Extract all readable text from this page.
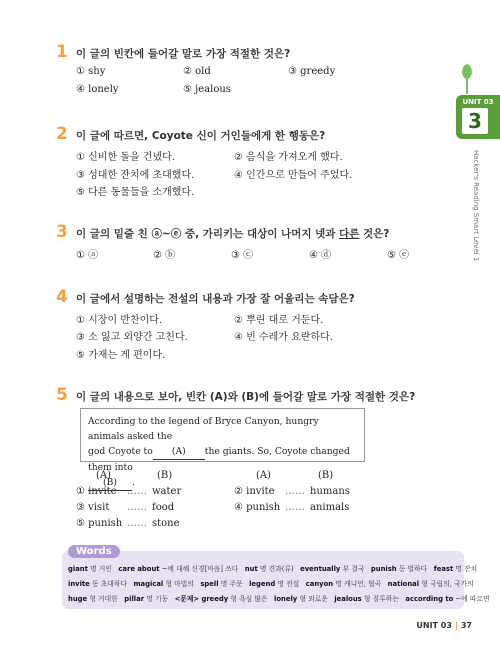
UNIT 03
3
Hacker's Reading Smart Level 1
1 이 글의 빈칸에 들어갈 말로 가장 적절한 것은?
① shy	② old	③ greedy
④ lonely	⑤ jealous
2 이 글에 따르면, Coyote 신이 거인들에게 한 행동은?
① 신비한 돌을 건넸다.	② 음식을 가져오게 했다.
③ 성대한 잔치에 초대했다.	④ 인간으로 만들어 주었다.
⑤ 다른 동물들을 소개했다.
3 이 글의 밑줄 친 ⓐ~ⓔ 중, 가리키는 대상이 나머지 넷과 다른 것은?
① ⓐ	② ⓑ	③ ⓒ	④ ⓓ	⑤ ⓔ
4 이 글에서 설명하는 전설의 내용과 가장 잘 어울리는 속담은?
① 시장이 반찬이다.	② 뿌린 대로 거둔다.
③ 소 잃고 외양간 고친다.	④ 빈 수레가 요란하다.
⑤ 가재는 게 편이다.
5 이 글의 내용으로 보아, 빈칸 (A)와 (B)에 들어갈 말로 가장 적절한 것은?
According to the legend of Bryce Canyon, hungry animals asked the
god Coyote to (A) the giants. So, Coyote changed them into
(B) .
(A)	(B)	(A)	(B)
① invite …… water	② invite …… humans
③ visit …… food	④ punish …… animals
⑤ punish …… stone
Words
giant 명 거인 care about ~에 대해 신경[마음] 쓰다 nut 명 견과(류) eventually 부 결국 punish 동 벌하다 feast 명 잔치
invite 동 초대하다 magical 형 마법의 spell 명 주문 legend 명 전설 canyon 명 캐니언, 협곡 national 형 국립의, 국가의
huge 형 거대한 pillar 명 기둥 <문제> greedy 형 욕심 많은 lonely 형 외로운 jealous 형 질투하는 according to ~에 따르면
UNIT 03 | 37
